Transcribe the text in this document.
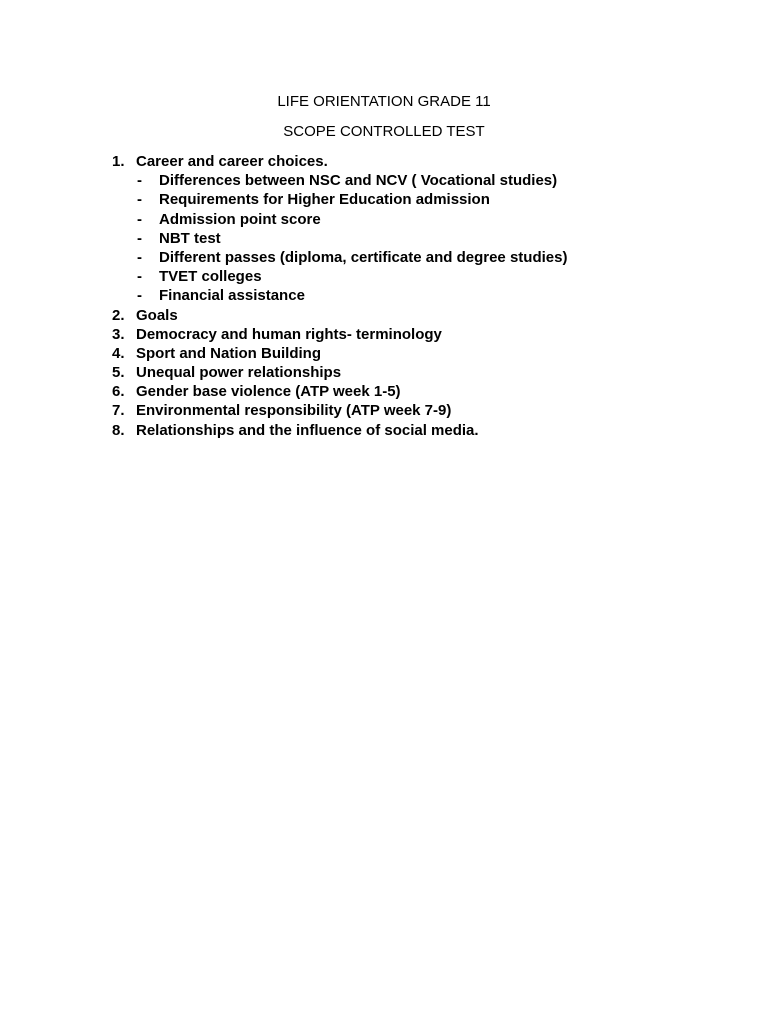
LIFE ORIENTATION GRADE 11
SCOPE CONTROLLED TEST
1. Career and career choices.
- Differences between NSC and NCV ( Vocational studies)
- Requirements for Higher Education admission
- Admission point score
- NBT test
- Different passes (diploma, certificate and degree studies)
- TVET colleges
- Financial assistance
2. Goals
3. Democracy and human rights- terminology
4. Sport and Nation Building
5. Unequal power relationships
6. Gender base violence (ATP week 1-5)
7. Environmental responsibility (ATP week 7-9)
8. Relationships and the influence of social media.
